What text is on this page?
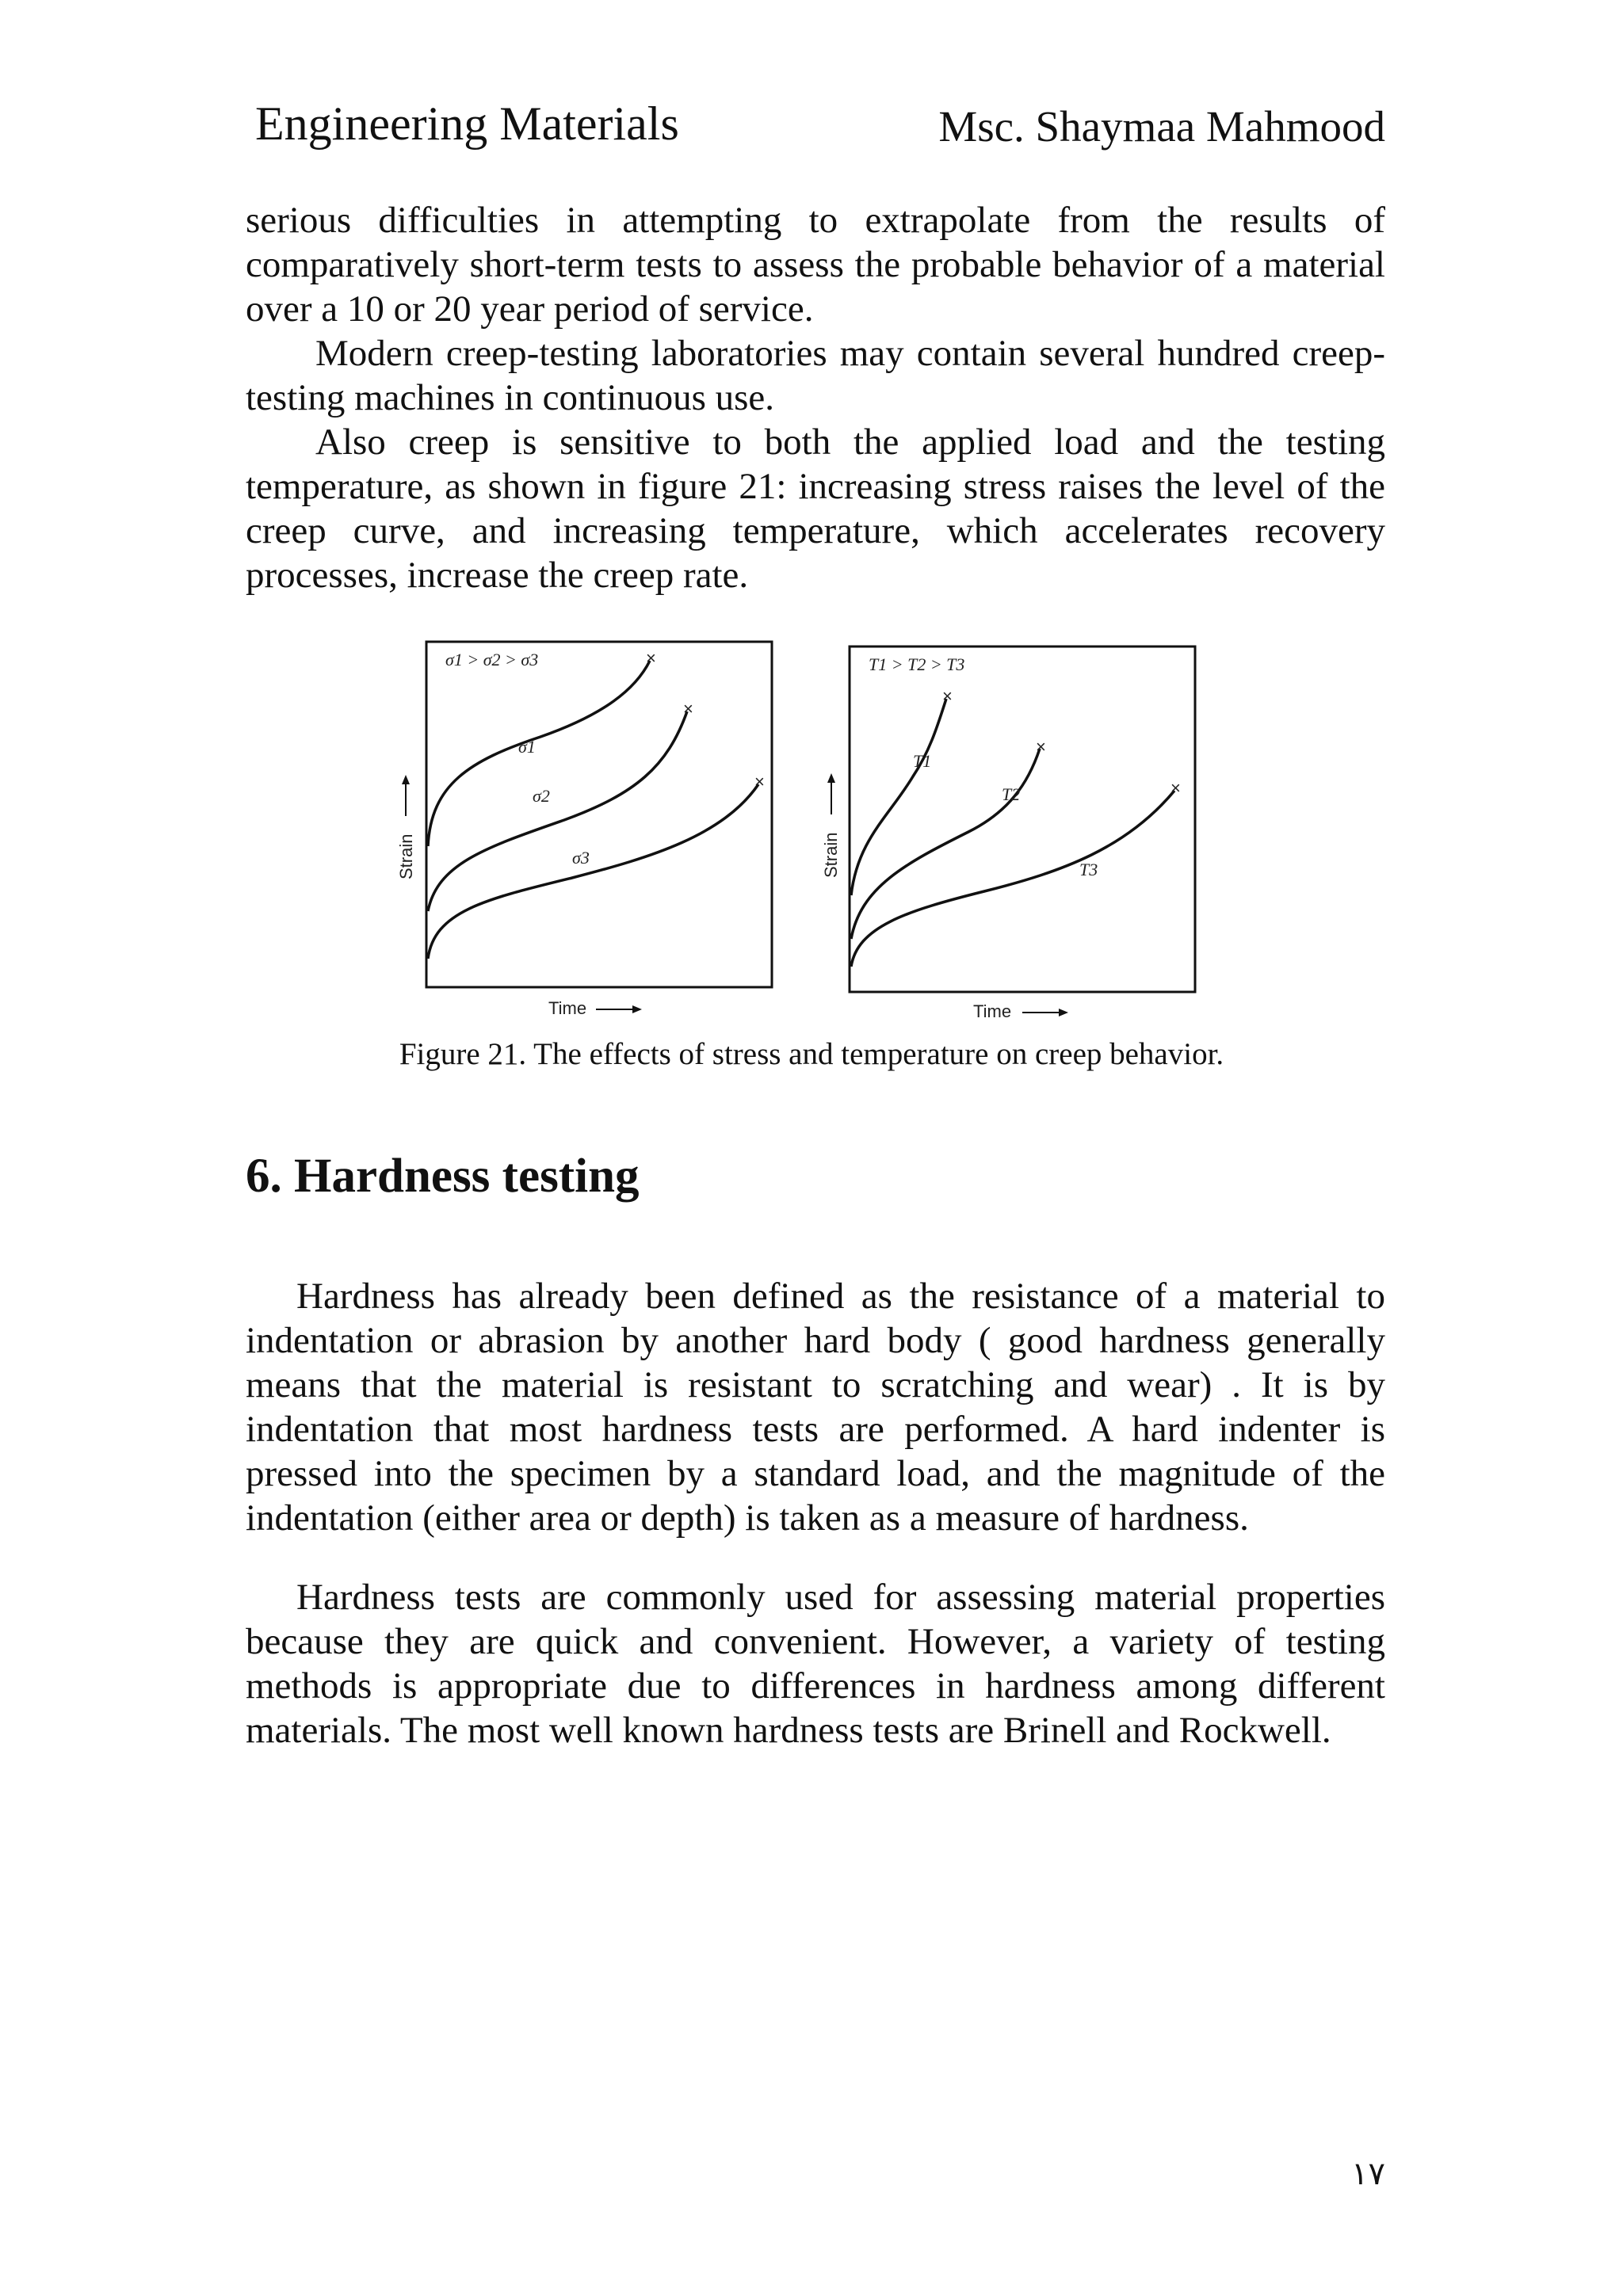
Engineering Materials	Msc. Shaymaa Mahmood

serious difficulties in attempting to extrapolate from the results of comparatively short-term tests to assess the probable behavior of a material over a 10 or 20 year period of service.

Modern creep-testing laboratories may contain several hundred creep-testing machines in continuous use.

Also creep is sensitive to both the applied load and the testing temperature, as shown in figure 21: increasing stress raises the level of the creep curve, and increasing temperature, which accelerates recovery processes, increase the creep rate.

σ1 > σ2 > σ3
Strain
Time
×
×
×
σ1
σ2
σ3
T1 > T2 > T3
Strain
Time
×
×
×
T1
T2
T3

Figure 21. The effects of stress and temperature on creep behavior.

6. Hardness testing

Hardness has already been defined as the resistance of a material to indentation or abrasion by another hard body ( good hardness generally means that the material is resistant to scratching and wear) . It is by indentation that most hardness tests are performed. A hard indenter is pressed into the specimen by a standard load, and the magnitude of the indentation (either area or depth) is taken as a measure of hardness.

Hardness tests are commonly used for assessing material properties because they are quick and convenient. However, a variety of testing methods is appropriate due to differences in hardness among different materials. The most well known hardness tests are Brinell and Rockwell.

١٧
